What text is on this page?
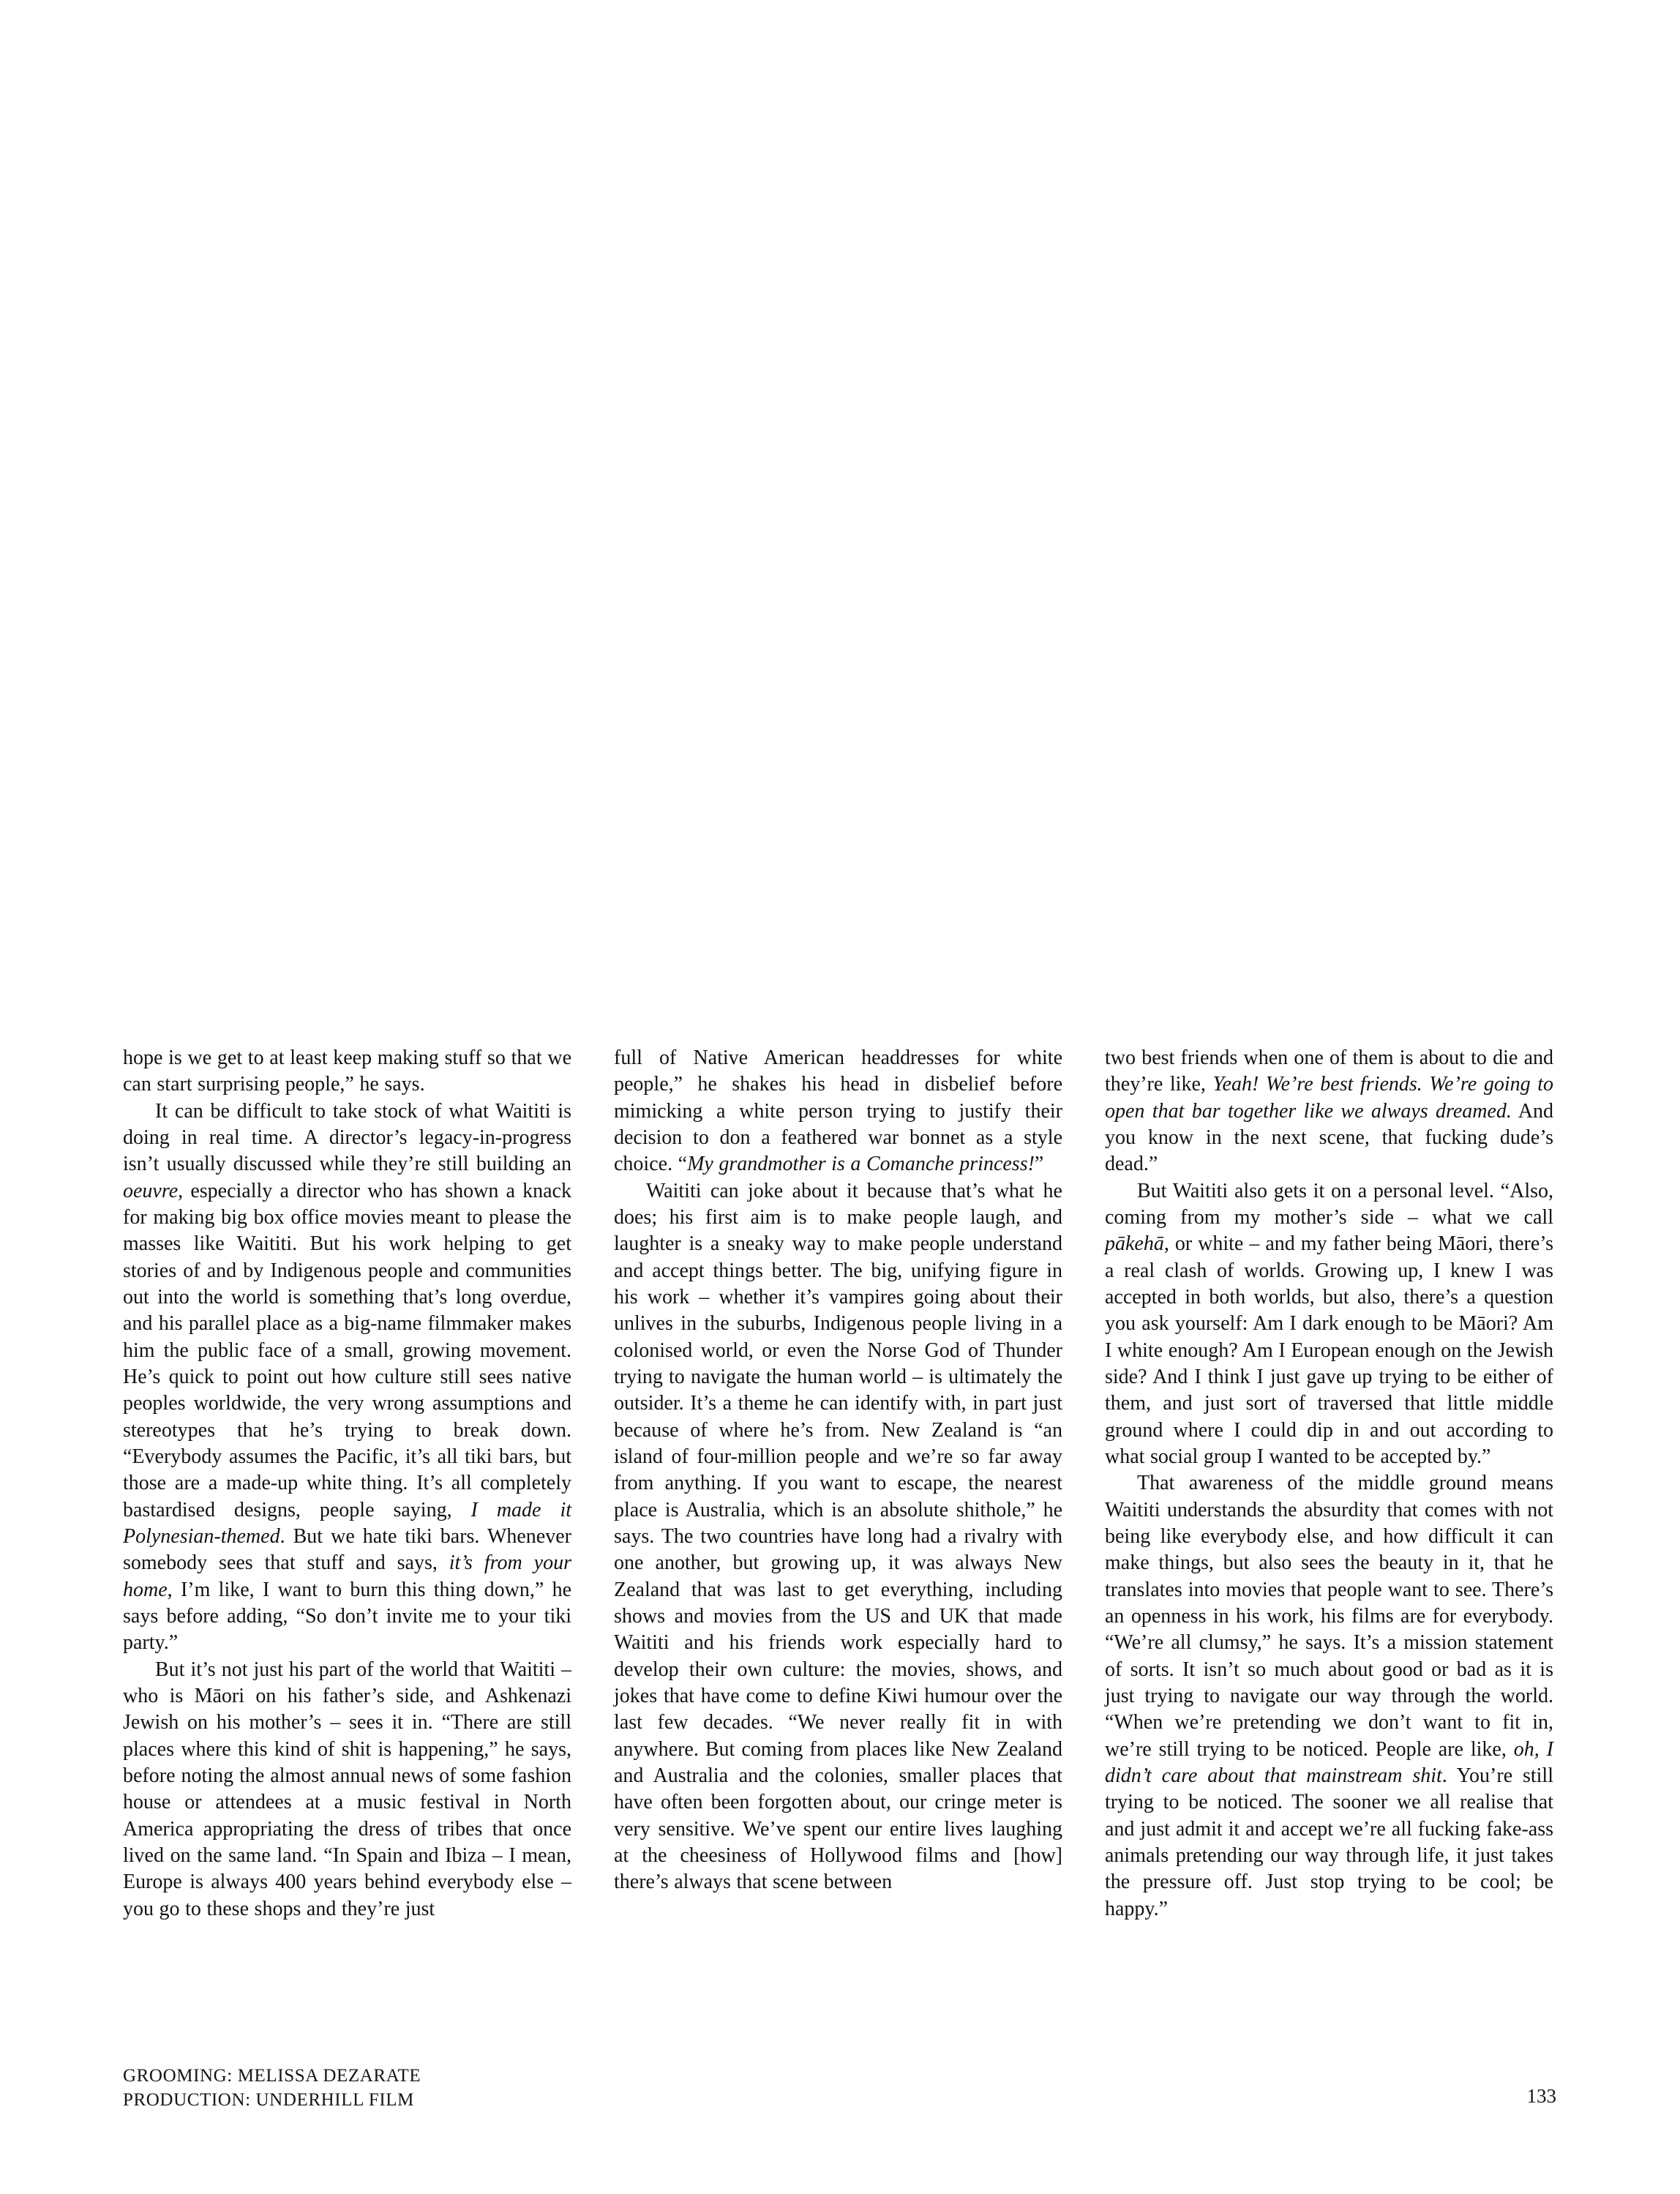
hope is we get to at least keep making stuff so that we can start surprising people,” he says.

It can be difficult to take stock of what Waititi is doing in real time. A director’s legacy-in-progress isn’t usually discussed while they’re still building an oeuvre, especially a director who has shown a knack for making big box office movies meant to please the masses like Waititi. But his work helping to get stories of and by Indigenous people and communities out into the world is something that’s long overdue, and his parallel place as a big-name filmmaker makes him the public face of a small, growing movement. He’s quick to point out how culture still sees native peoples worldwide, the very wrong assumptions and stereotypes that he’s trying to break down. “Everybody assumes the Pacific, it’s all tiki bars, but those are a made-up white thing. It’s all completely bastardised designs, people saying, I made it Polynesian-themed. But we hate tiki bars. Whenever somebody sees that stuff and says, it’s from your home, I’m like, I want to burn this thing down,” he says before adding, “So don’t invite me to your tiki party.”

But it’s not just his part of the world that Waititi – who is Māori on his father’s side, and Ashkenazi Jewish on his mother’s – sees it in. “There are still places where this kind of shit is happening,” he says, before noting the almost annual news of some fashion house or attendees at a music festival in North America appropriating the dress of tribes that once lived on the same land. “In Spain and Ibiza – I mean, Europe is always 400 years behind everybody else – you go to these shops and they’re just

full of Native American headdresses for white people,” he shakes his head in disbelief before mimicking a white person trying to justify their decision to don a feathered war bonnet as a style choice. “My grandmother is a Comanche princess!”

Waititi can joke about it because that’s what he does; his first aim is to make people laugh, and laughter is a sneaky way to make people understand and accept things better. The big, unifying figure in his work – whether it’s vampires going about their unlives in the suburbs, Indigenous people living in a colonised world, or even the Norse God of Thunder trying to navigate the human world – is ultimately the outsider. It’s a theme he can identify with, in part just because of where he’s from. New Zealand is “an island of four-million people and we’re so far away from anything. If you want to escape, the nearest place is Australia, which is an absolute shithole,” he says. The two countries have long had a rivalry with one another, but growing up, it was always New Zealand that was last to get everything, including shows and movies from the US and UK that made Waititi and his friends work especially hard to develop their own culture: the movies, shows, and jokes that have come to define Kiwi humour over the last few decades. “We never really fit in with anywhere. But coming from places like New Zealand and Australia and the colonies, smaller places that have often been forgotten about, our cringe meter is very sensitive. We’ve spent our entire lives laughing at the cheesiness of Hollywood films and [how] there’s always that scene between

two best friends when one of them is about to die and they’re like, Yeah! We’re best friends. We’re going to open that bar together like we always dreamed. And you know in the next scene, that fucking dude’s dead.”

But Waititi also gets it on a personal level. “Also, coming from my mother’s side – what we call pākehā, or white – and my father being Māori, there’s a real clash of worlds. Growing up, I knew I was accepted in both worlds, but also, there’s a question you ask yourself: Am I dark enough to be Māori? Am I white enough? Am I European enough on the Jewish side? And I think I just gave up trying to be either of them, and just sort of traversed that little middle ground where I could dip in and out according to what social group I wanted to be accepted by.”

That awareness of the middle ground means Waititi understands the absurdity that comes with not being like everybody else, and how difficult it can make things, but also sees the beauty in it, that he translates into movies that people want to see. There’s an openness in his work, his films are for everybody. “We’re all clumsy,” he says. It’s a mission statement of sorts. It isn’t so much about good or bad as it is just trying to navigate our way through the world. “When we’re pretending we don’t want to fit in, we’re still trying to be noticed. People are like, oh, I didn’t care about that mainstream shit. You’re still trying to be noticed. The sooner we all realise that and just admit it and accept we’re all fucking fake-ass animals pretending our way through life, it just takes the pressure off. Just stop trying to be cool; be happy.”

GROOMING: MELISSA DEZARATE
PRODUCTION: UNDERHILL FILM	133
